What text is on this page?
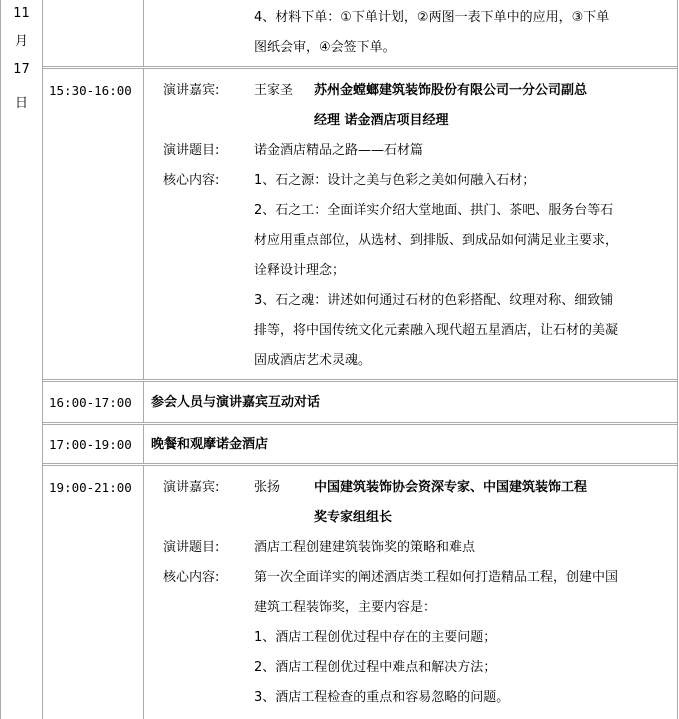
11
月
17
日
4、材料下单：①下单计划，②两图一表下单中的应用，③下单
图纸会审，④会签下单。
15:30-16:00 演讲嘉宾:	王家圣 苏州金螳螂建筑装饰股份有限公司一分公司副总
经理 诺金酒店项目经理
演讲题目:	诺金酒店精品之路——石材篇
核心内容:	1、石之源：设计之美与色彩之美如何融入石材；
2、石之工：全面详实介绍大堂地面、拱门、茶吧、服务台等石
材应用重点部位，从选材、到排版、到成品如何满足业主要求，
诠释设计理念；
3、石之魂：讲述如何通过石材的色彩搭配、纹理对称、细致铺
排等，将中国传统文化元素融入现代超五星酒店，让石材的美凝
固成酒店艺术灵魂。
16:00-17:00 参会人员与演讲嘉宾互动对话
17:00-19:00 晚餐和观摩诺金酒店
19:00-21:00 演讲嘉宾:	张扬	中国建筑装饰协会资深专家、中国建筑装饰工程
奖专家组组长
演讲题目:	酒店工程创建建筑装饰奖的策略和难点
核心内容:	第一次全面详实的阐述酒店类工程如何打造精品工程，创建中国
建筑工程装饰奖，主要内容是：
1、酒店工程创优过程中存在的主要问题；
2、酒店工程创优过程中难点和解决方法；
3、酒店工程检查的重点和容易忽略的问题。
